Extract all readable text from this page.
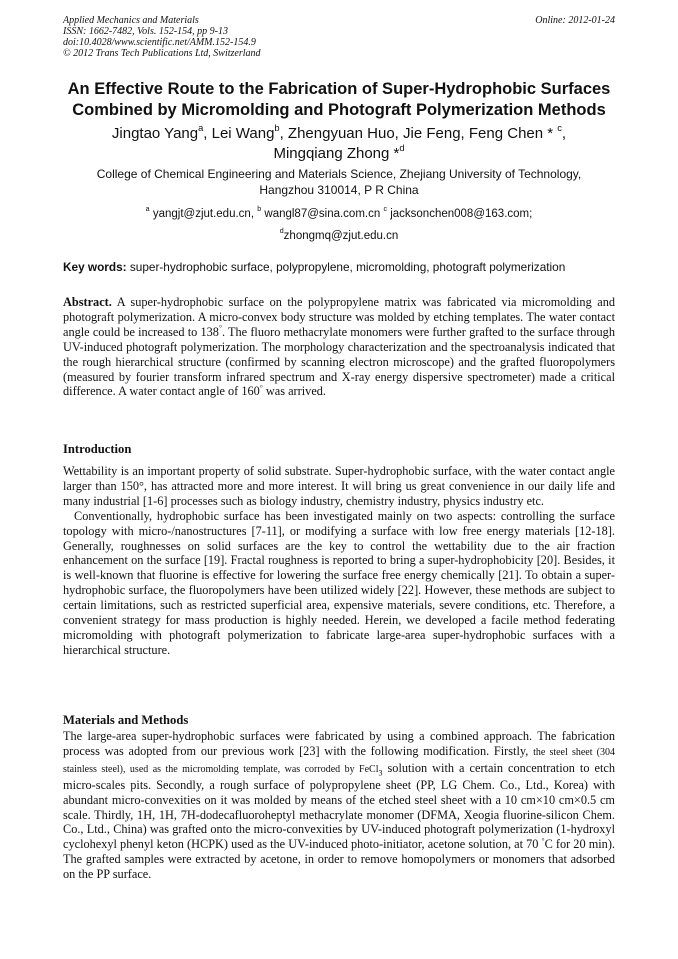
Applied Mechanics and Materials	Online: 2012-01-24
ISSN: 1662-7482, Vols. 152-154, pp 9-13
doi:10.4028/www.scientific.net/AMM.152-154.9
© 2012 Trans Tech Publications Ltd, Switzerland
An Effective Route to the Fabrication of Super-Hydrophobic Surfaces
Combined by Micromolding and Photograft Polymerization Methods
Jingtao Yang$^a$, Lei Wang$^b$, Zhengyuan Huo, Jie Feng, Feng Chen * $^c$,
Mingqiang Zhong *$^d$
College of Chemical Engineering and Materials Science, Zhejiang University of Technology,
Hangzhou 310014, P R China
$^a$ yangjt@zjut.edu.cn, $^b$ wangl87@sina.com.cn $^c$ jacksonchen008@163.com;
$^d$zhongmq@zjut.edu.cn
Key words: super-hydrophobic surface, polypropylene, micromolding, photograft polymerization

Abstract. A super-hydrophobic surface on the polypropylene matrix was fabricated via micromolding and photograft polymerization. A micro-convex body structure was molded by etching templates. The water contact angle could be increased to 138°. The fluoro methacrylate monomers were further grafted to the surface through UV-induced photograft polymerization. The morphology characterization and the spectroanalysis indicated that the rough hierarchical structure (confirmed by scanning electron microscope) and the grafted fluoropolymers (measured by fourier transform infrared spectrum and X-ray energy dispersive spectrometer) made a critical difference. A water contact angle of 160° was arrived.

Introduction

Wettability is an important property of solid substrate. Super-hydrophobic surface, with the water contact angle larger than 150°, has attracted more and more interest. It will bring us great convenience in our daily life and many industrial [1-6] processes such as biology industry, chemistry industry, physics industry etc.

Conventionally, hydrophobic surface has been investigated mainly on two aspects: controlling the surface topology with micro-/nanostructures [7-11], or modifying a surface with low free energy materials [12-18]. Generally, roughnesses on solid surfaces are the key to control the wettability due to the air fraction enhancement on the surface [19]. Fractal roughness is reported to bring a super-hydrophobicity [20]. Besides, it is well-known that fluorine is effective for lowering the surface free energy chemically [21]. To obtain a super-hydrophobic surface, the fluoropolymers have been utilized widely [22]. However, these methods are subject to certain limitations, such as restricted superficial area, expensive materials, severe conditions, etc. Therefore, a convenient strategy for mass production is highly needed. Herein, we developed a facile method federating micromolding with photograft polymerization to fabricate large-area super-hydrophobic surfaces with a hierarchical structure.

Materials and Methods

The large-area super-hydrophobic surfaces were fabricated by using a combined approach. The fabrication process was adopted from our previous work [23] with the following modification. Firstly, the steel sheet (304 stainless steel), used as the micromolding template, was corroded by FeCl$_3$ solution with a certain concentration to etch micro-scales pits. Secondly, a rough surface of polypropylene sheet (PP, LG Chem. Co., Ltd., Korea) with abundant micro-convexities on it was molded by means of the etched steel sheet with a 10 cm×10 cm×0.5 cm scale. Thirdly, 1H, 1H, 7H-dodecafluoroheptyl methacrylate monomer (DFMA, Xeogia fluorine-silicon Chem. Co., Ltd., China) was grafted onto the micro-convexities by UV-induced photograft polymerization (1-hydroxyl cyclohexyl phenyl keton (HCPK) used as the UV-induced photo-initiator, acetone solution, at 70 °C for 20 min). The grafted samples were extracted by acetone, in order to remove homopolymers or monomers that adsorbed on the PP surface.
